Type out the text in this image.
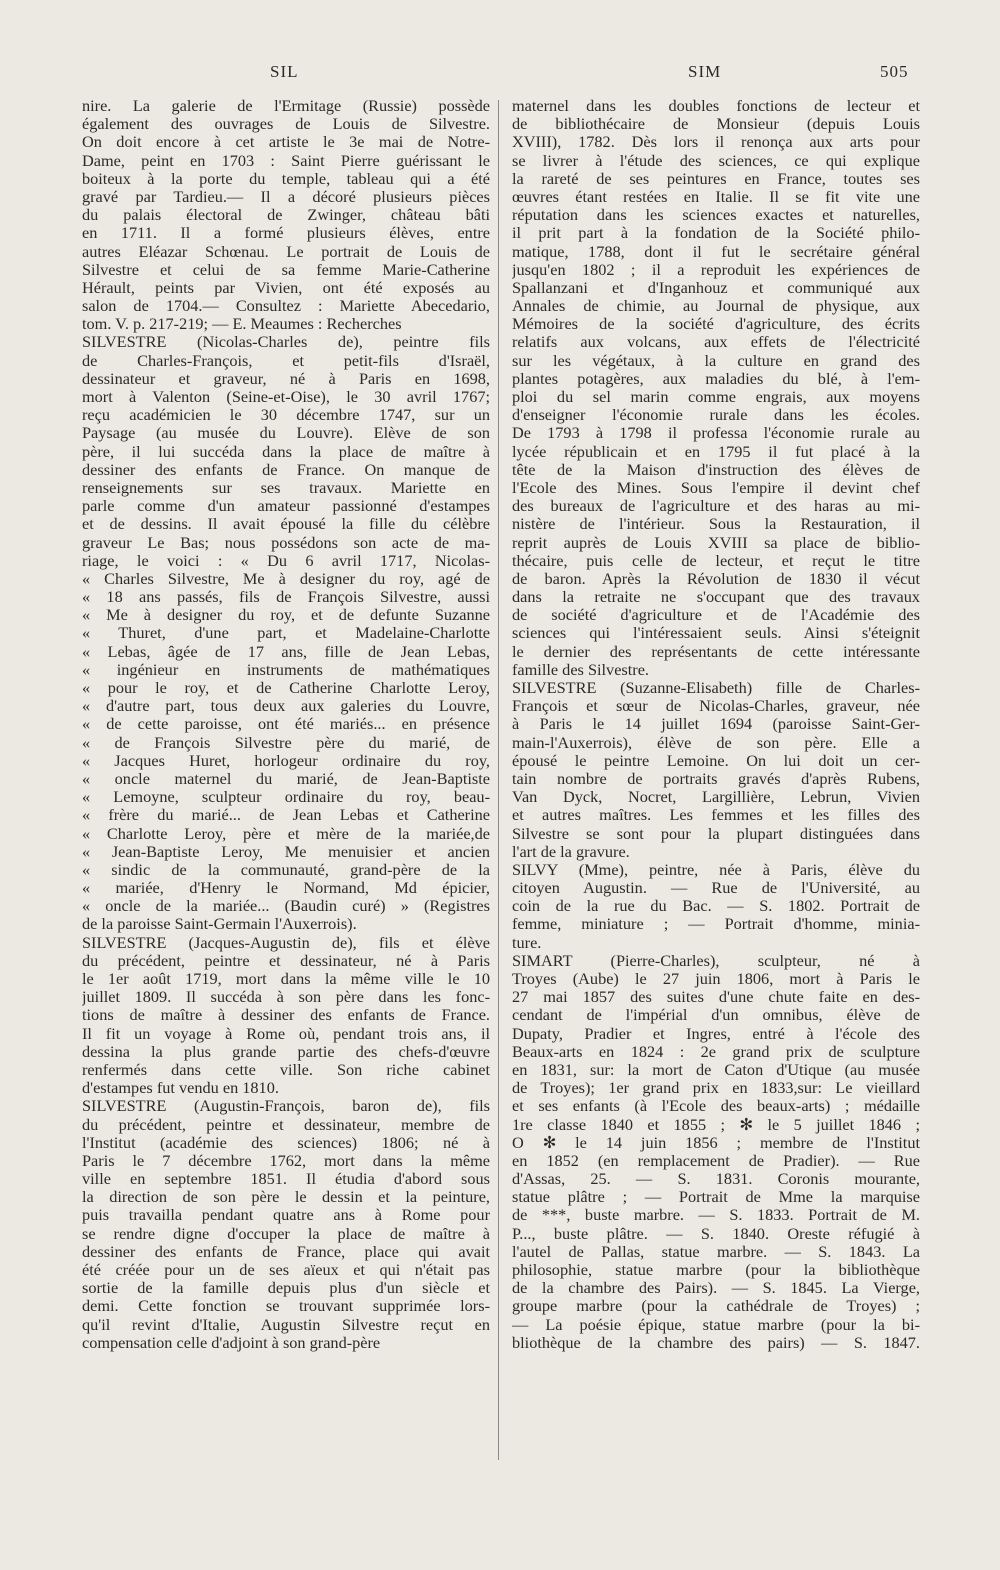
SIL	SIM	505
nire. La galerie de l'Ermitage (Russie) possède
également des ouvrages de Louis de Silvestre.
On doit encore à cet artiste le 3e mai de Notre-
Dame, peint en 1703 : Saint Pierre guérissant le
boiteux à la porte du temple, tableau qui a été
gravé par Tardieu.— Il a décoré plusieurs pièces
du palais électoral de Zwinger, château bâti
en 1711. Il a formé plusieurs élèves, entre
autres Eléazar Schœnau. Le portrait de Louis de
Silvestre et celui de sa femme Marie-Catherine
Hérault, peints par Vivien, ont été exposés au
salon de 1704.— Consultez : Mariette Abecedario,
tom. V. p. 217-219; — E. Meaumes : Recherches
SILVESTRE (Nicolas-Charles de), peintre fils
de Charles-François, et petit-fils d'Israël,
dessinateur et graveur, né à Paris en 1698,
mort à Valenton (Seine-et-Oise), le 30 avril 1767;
reçu académicien le 30 décembre 1747, sur un
Paysage (au musée du Louvre). Elève de son
père, il lui succéda dans la place de maître à
dessiner des enfants de France. On manque de
renseignements sur ses travaux. Mariette en
parle comme d'un amateur passionné d'estampes
et de dessins. Il avait épousé la fille du célèbre
graveur Le Bas; nous possédons son acte de ma-
riage, le voici : « Du 6 avril 1717, Nicolas-
« Charles Silvestre, Me à designer du roy, agé de
« 18 ans passés, fils de François Silvestre, aussi
« Me à designer du roy, et de defunte Suzanne
« Thuret, d'une part, et Madelaine-Charlotte
« Lebas, âgée de 17 ans, fille de Jean Lebas,
« ingénieur en instruments de mathématiques
« pour le roy, et de Catherine Charlotte Leroy,
« d'autre part, tous deux aux galeries du Louvre,
« de cette paroisse, ont été mariés... en présence
« de François Silvestre père du marié, de
« Jacques Huret, horlogeur ordinaire du roy,
« oncle maternel du marié, de Jean-Baptiste
« Lemoyne, sculpteur ordinaire du roy, beau-
« frère du marié... de Jean Lebas et Catherine
« Charlotte Leroy, père et mère de la mariée,de
« Jean-Baptiste Leroy, Me menuisier et ancien
« sindic de la communauté, grand-père de la
« mariée, d'Henry le Normand, Md épicier,
« oncle de la mariée... (Baudin curé) » (Registres
de la paroisse Saint-Germain l'Auxerrois).
SILVESTRE (Jacques-Augustin de), fils et élève
du précédent, peintre et dessinateur, né à Paris
le 1er août 1719, mort dans la même ville le 10
juillet 1809. Il succéda à son père dans les fonc-
tions de maître à dessiner des enfants de France.
Il fit un voyage à Rome où, pendant trois ans, il
dessina la plus grande partie des chefs-d'œuvre
renfermés dans cette ville. Son riche cabinet
d'estampes fut vendu en 1810.
SILVESTRE (Augustin-François, baron de), fils
du précédent, peintre et dessinateur, membre de
l'Institut (académie des sciences) 1806; né à
Paris le 7 décembre 1762, mort dans la même
ville en septembre 1851. Il étudia d'abord sous
la direction de son père le dessin et la peinture,
puis travailla pendant quatre ans à Rome pour
se rendre digne d'occuper la place de maître à
dessiner des enfants de France, place qui avait
été créée pour un de ses aïeux et qui n'était pas
sortie de la famille depuis plus d'un siècle et
demi. Cette fonction se trouvant supprimée lors-
qu'il revint d'Italie, Augustin Silvestre reçut en
compensation celle d'adjoint à son grand-père
maternel dans les doubles fonctions de lecteur et
de bibliothécaire de Monsieur (depuis Louis
XVIII), 1782. Dès lors il renonça aux arts pour
se livrer à l'étude des sciences, ce qui explique
la rareté de ses peintures en France, toutes ses
œuvres étant restées en Italie. Il se fit vite une
réputation dans les sciences exactes et naturelles,
il prit part à la fondation de la Société philo-
matique, 1788, dont il fut le secrétaire général
jusqu'en 1802 ; il a reproduit les expériences de
Spallanzani et d'Inganhouz et communiqué aux
Annales de chimie, au Journal de physique, aux
Mémoires de la société d'agriculture, des écrits
relatifs aux volcans, aux effets de l'électricité
sur les végétaux, à la culture en grand des
plantes potagères, aux maladies du blé, à l'em-
ploi du sel marin comme engrais, aux moyens
d'enseigner l'économie rurale dans les écoles.
De 1793 à 1798 il professa l'économie rurale au
lycée républicain et en 1795 il fut placé à la
tête de la Maison d'instruction des élèves de
l'Ecole des Mines. Sous l'empire il devint chef
des bureaux de l'agriculture et des haras au mi-
nistère de l'intérieur. Sous la Restauration, il
reprit auprès de Louis XVIII sa place de biblio-
thécaire, puis celle de lecteur, et reçut le titre
de baron. Après la Révolution de 1830 il vécut
dans la retraite ne s'occupant que des travaux
de société d'agriculture et de l'Académie des
sciences qui l'intéressaient seuls. Ainsi s'éteignit
le dernier des représentants de cette intéressante
famille des Silvestre.
SILVESTRE (Suzanne-Elisabeth) fille de Charles-
François et sœur de Nicolas-Charles, graveur, née
à Paris le 14 juillet 1694 (paroisse Saint-Ger-
main-l'Auxerrois), élève de son père. Elle a
épousé le peintre Lemoine. On lui doit un cer-
tain nombre de portraits gravés d'après Rubens,
Van Dyck, Nocret, Largillière, Lebrun, Vivien
et autres maîtres. Les femmes et les filles des
Silvestre se sont pour la plupart distinguées dans
l'art de la gravure.
SILVY (Mme), peintre, née à Paris, élève du
citoyen Augustin. — Rue de l'Université, au
coin de la rue du Bac. — S. 1802. Portrait de
femme, miniature ; — Portrait d'homme, minia-
ture.
SIMART (Pierre-Charles), sculpteur, né à
Troyes (Aube) le 27 juin 1806, mort à Paris le
27 mai 1857 des suites d'une chute faite en des-
cendant de l'impérial d'un omnibus, élève de
Dupaty, Pradier et Ingres, entré à l'école des
Beaux-arts en 1824 : 2e grand prix de sculpture
en 1831, sur: la mort de Caton d'Utique (au musée
de Troyes); 1er grand prix en 1833,sur: Le vieillard
et ses enfants (à l'Ecole des beaux-arts) ; médaille
1re classe 1840 et 1855 ; ✻ le 5 juillet 1846 ;
O ✻ le 14 juin 1856 ; membre de l'Institut
en 1852 (en remplacement de Pradier). — Rue
d'Assas, 25. — S. 1831. Coronis mourante,
statue plâtre ; — Portrait de Mme la marquise
de ***, buste marbre. — S. 1833. Portrait de M.
P..., buste plâtre. — S. 1840. Oreste réfugié à
l'autel de Pallas, statue marbre. — S. 1843. La
philosophie, statue marbre (pour la bibliothèque
de la chambre des Pairs). — S. 1845. La Vierge,
groupe marbre (pour la cathédrale de Troyes) ;
— La poésie épique, statue marbre (pour la bi-
bliothèque de la chambre des pairs) — S. 1847.
